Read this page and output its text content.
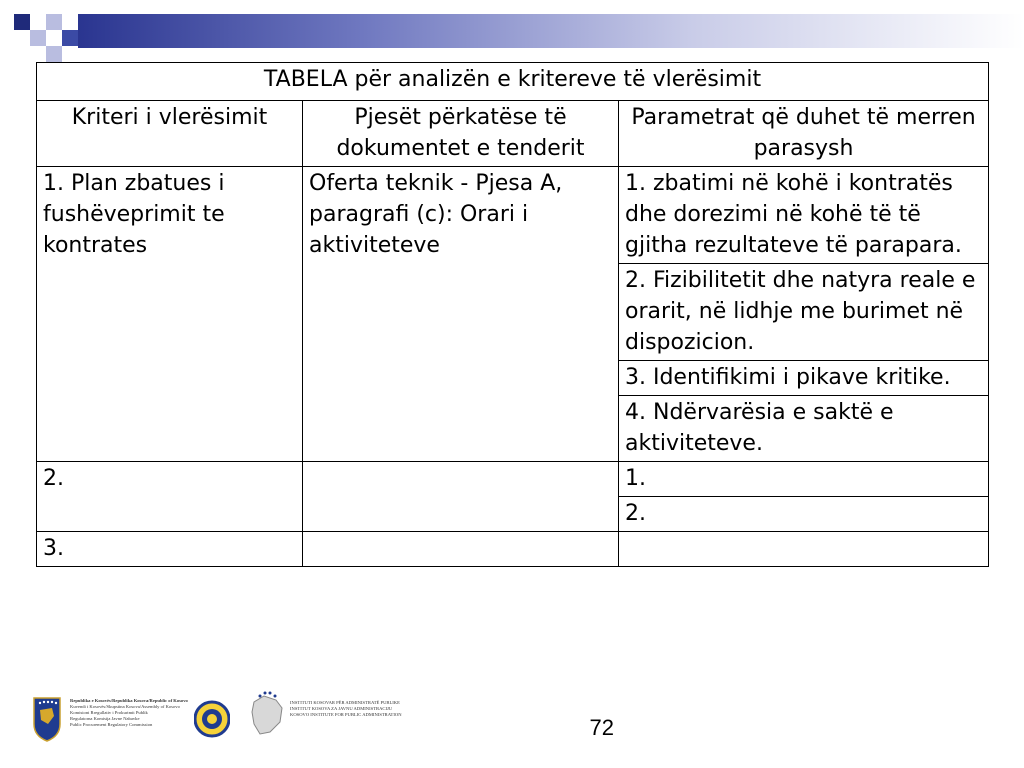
TABELA për analizën e kritereve të vlerësimit		
Kriteri i vlerësimit	Pjesët përkatëse të dokumentet e tenderit	Parametrat që duhet të merren parasysh
1. Plan zbatues i fushëveprimit te kontrates	Oferta teknik - Pjesa A, paragrafi (c): Orari i aktiviteteve	1. zbatimi në kohë i kontratës dhe dorezimi në kohë të të gjitha rezultateve të parapara.
		2. Fizibilitetit dhe natyra reale e orarit, në lidhje me burimet në dispozicion.
		3. Identifikimi i pikave kritike.
		4. Ndërvarësia e saktë e aktiviteteve.
2.		1.
		2.
3.		
Republika e Kosovës/Republika Kosova/Republic of Kosovo
Kuvendi i Kosovës/Skupstina Kosova/Assembly of Kosovo
Komisioni Rregullativ i Prokurimit Publik
Regulatorna Komisija Javne Nabavke
Public Procurement Regulatory Commission
INSTITUTI KOSOVAR PËR ADMINISTRATË PUBLIKE
INSTITUT KOSOVA ZA JAVNU ADMINISTRACIJU
KOSOVO INSTITUTE FOR PUBLIC ADMINISTRATION
72
